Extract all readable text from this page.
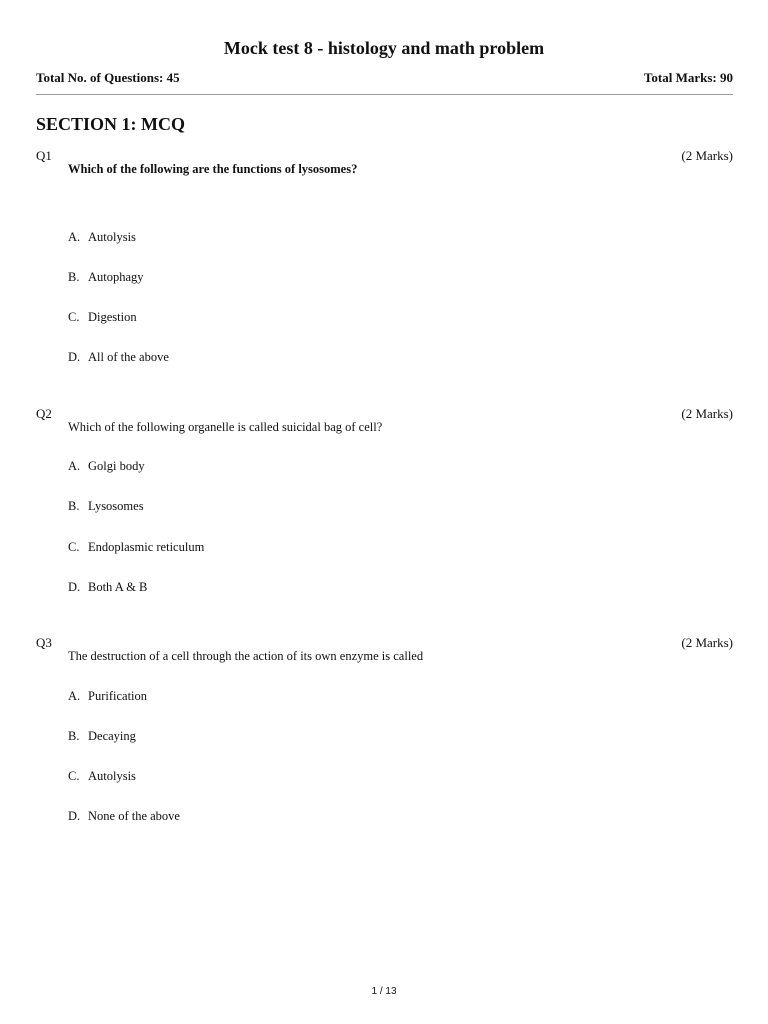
Mock test 8 - histology and math problem
Total No. of Questions: 45	Total Marks: 90
SECTION 1: MCQ
Q1	(2 Marks)
Which of the following are the functions of lysosomes?
A. Autolysis
B. Autophagy
C. Digestion
D. All of the above
Q2	(2 Marks)
Which of the following organelle is called suicidal bag of cell?
A. Golgi body
B. Lysosomes
C. Endoplasmic reticulum
D. Both A & B
Q3	(2 Marks)
The destruction of a cell through the action of its own enzyme is called
A. Purification
B. Decaying
C. Autolysis
D. None of the above
1 / 13
